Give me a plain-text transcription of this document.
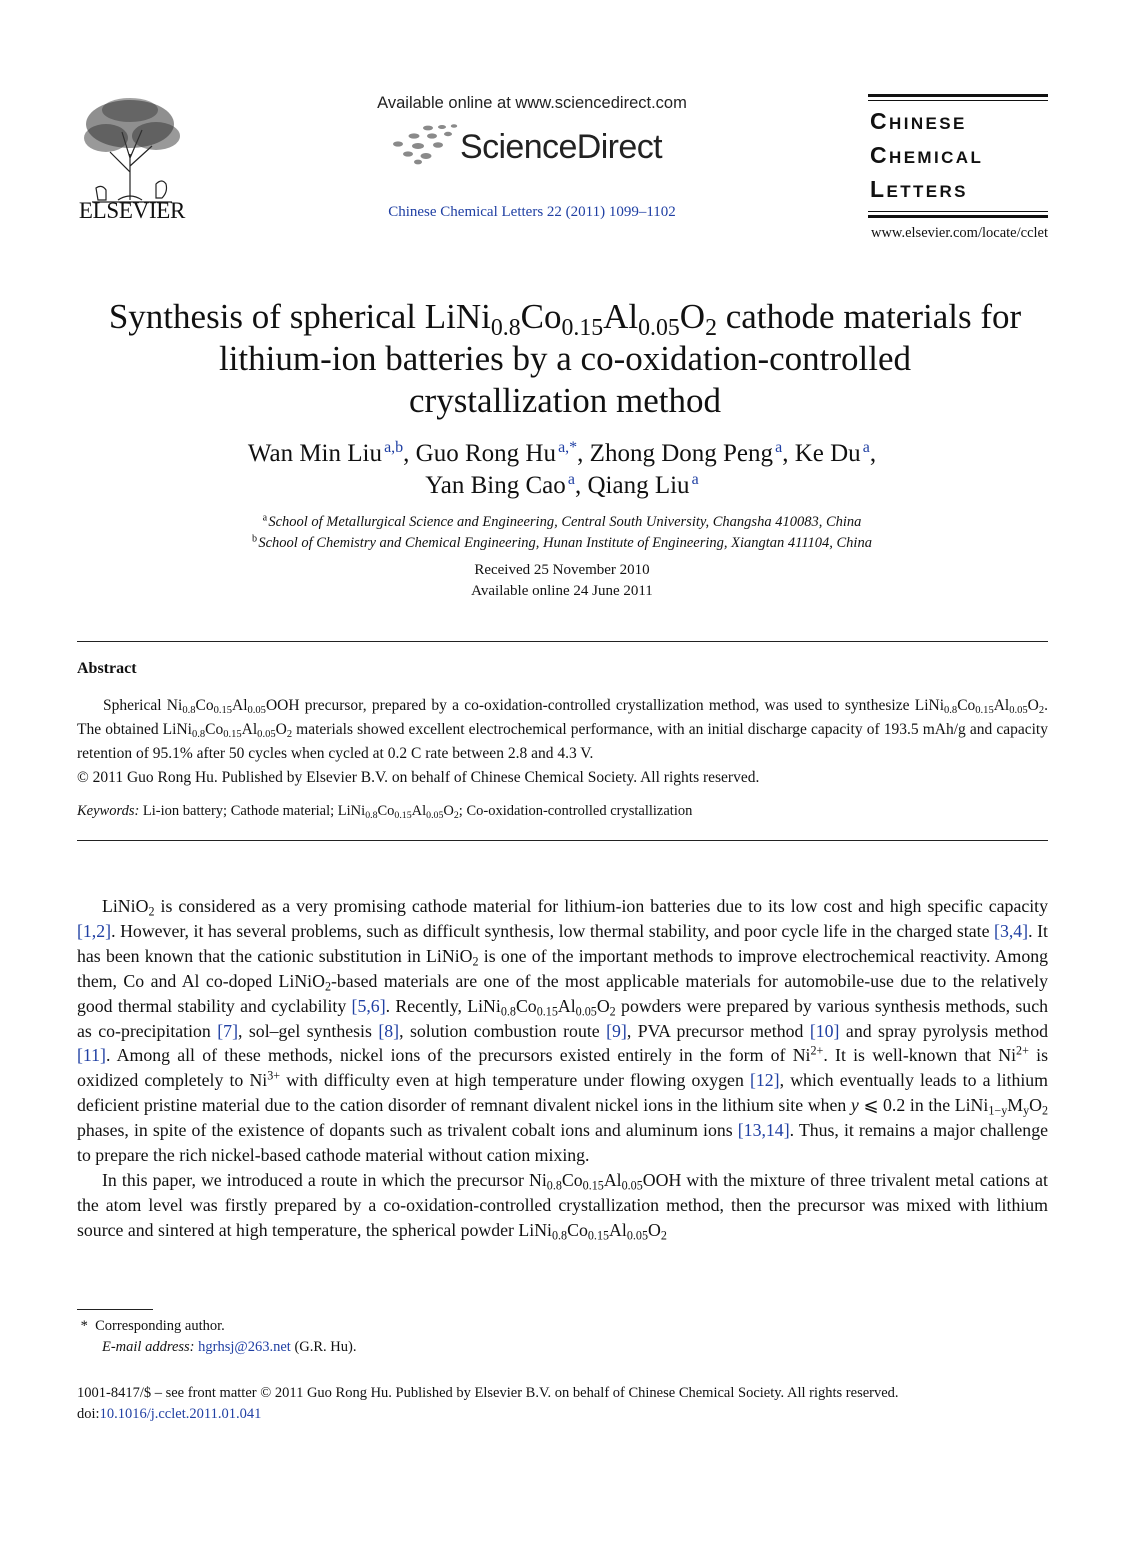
ELSEVIER
Available online at www.sciencedirect.com
ScienceDirect
Chinese Chemical Letters 22 (2011) 1099–1102
CHINESE
CHEMICAL
LETTERS
www.elsevier.com/locate/cclet
Synthesis of spherical $LiNi_{0.8}Co_{0.15}Al_{0.05}O_2$ cathode materials for
lithium-ion batteries by a co-oxidation-controlled
crystallization method
Wan Min Liu  $^{a,b}$, Guo Rong Hu  $^{a,*}$, Zhong Dong Peng  $^a$, Ke Du  $^a$,
Yan Bing Cao  $^a$, Qiang Liu  $^a$
$^a$ School of Metallurgical Science and Engineering, Central South University, Changsha 410083, China
$^b$ School of Chemistry and Chemical Engineering, Hunan Institute of Engineering, Xiangtan 411104, China
Received 25 November 2010
Available online 24 June 2011
Abstract

Spherical $Ni_{0.8}Co_{0.15}Al_{0.05}OOH$ precursor, prepared by a co-oxidation-controlled crystallization method, was used to synthesize $LiNi_{0.8}Co_{0.15}Al_{0.05}O_2$. The obtained $LiNi_{0.8}Co_{0.15}Al_{0.05}O_2$ materials showed excellent electrochemical performance, with an initial discharge capacity of 193.5 mAh/g and capacity retention of 95.1% after 50 cycles when cycled at 0.2 C rate between 2.8 and 4.3 V.

© 2011 Guo Rong Hu. Published by Elsevier B.V. on behalf of Chinese Chemical Society. All rights reserved.
Keywords: Li-ion battery; Cathode material; $LiNi_{0.8}Co_{0.15}Al_{0.05}O_2$; Co-oxidation-controlled crystallization

LiNiO$_2$ is considered as a very promising cathode material for lithium-ion batteries due to its low cost and high specific capacity [1,2]. However, it has several problems, such as difficult synthesis, low thermal stability, and poor cycle life in the charged state [3,4]. It has been known that the cationic substitution in LiNiO$_2$ is one of the important methods to improve electrochemical reactivity. Among them, Co and Al co-doped LiNiO$_2$-based materials are one of the most applicable materials for automobile-use due to the relatively good thermal stability and cyclability [5,6]. Recently, $LiNi_{0.8}Co_{0.15}Al_{0.05}O_2$ powders were prepared by various synthesis methods, such as co-precipitation [7], sol–gel synthesis [8], solution combustion route [9], PVA precursor method [10] and spray pyrolysis method [11]. Among all of these methods, nickel ions of the precursors existed entirely in the form of $Ni^{2+}$. It is well-known that $Ni^{2+}$ is oxidized completely to $Ni^{3+}$ with difficulty even at high temperature under flowing oxygen [12], which eventually leads to a lithium deficient pristine material due to the cation disorder of remnant divalent nickel ions in the lithium site when y ⩽ 0.2 in the $LiNi_{1-y}M_yO_2$ phases, in spite of the existence of dopants such as trivalent cobalt ions and aluminum ions [13,14]. Thus, it remains a major challenge to prepare the rich nickel-based cathode material without cation mixing.

In this paper, we introduced a route in which the precursor $Ni_{0.8}Co_{0.15}Al_{0.05}OOH$ with the mixture of three trivalent metal cations at the atom level was firstly prepared by a co-oxidation-controlled crystallization method, then the precursor was mixed with lithium source and sintered at high temperature, the spherical powder $LiNi_{0.8}Co_{0.15}Al_{0.05}O_2$

* Corresponding author.
E-mail address: hgrhsj@263.net (G.R. Hu).
1001-8417/$ – see front matter © 2011 Guo Rong Hu. Published by Elsevier B.V. on behalf of Chinese Chemical Society. All rights reserved.
doi:10.1016/j.cclet.2011.01.041
